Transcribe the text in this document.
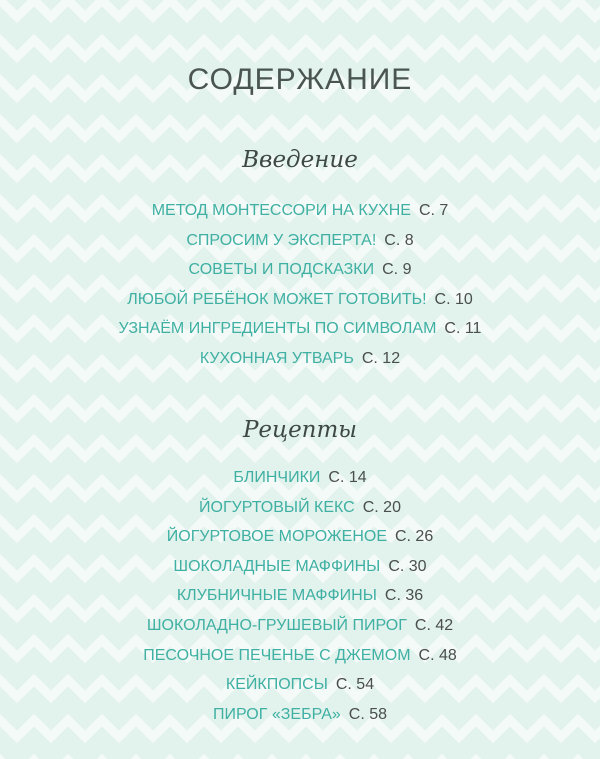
СОДЕРЖАНИЕ
Введение
МЕТОД МОНТЕССОРИ НА КУХНЕ С. 7
СПРОСИМ У ЭКСПЕРТА! С. 8
СОВЕТЫ И ПОДСКАЗКИ С. 9
ЛЮБОЙ РЕБЁНОК МОЖЕТ ГОТОВИТЬ! С. 10
УЗНАЁМ ИНГРЕДИЕНТЫ ПО СИМВОЛАМ С. 11
КУХОННАЯ УТВАРЬ С. 12
Рецепты
БЛИНЧИКИ С. 14
ЙОГУРТОВЫЙ КЕКС С. 20
ЙОГУРТОВОЕ МОРОЖЕНОЕ С. 26
ШОКОЛАДНЫЕ МАФФИНЫ С. 30
КЛУБНИЧНЫЕ МАФФИНЫ С. 36
ШОКОЛАДНО-ГРУШЕВЫЙ ПИРОГ С. 42
ПЕСОЧНОЕ ПЕЧЕНЬЕ С ДЖЕМОМ С. 48
КЕЙКПОПСЫ С. 54
ПИРОГ «ЗЕБРА» С. 58
